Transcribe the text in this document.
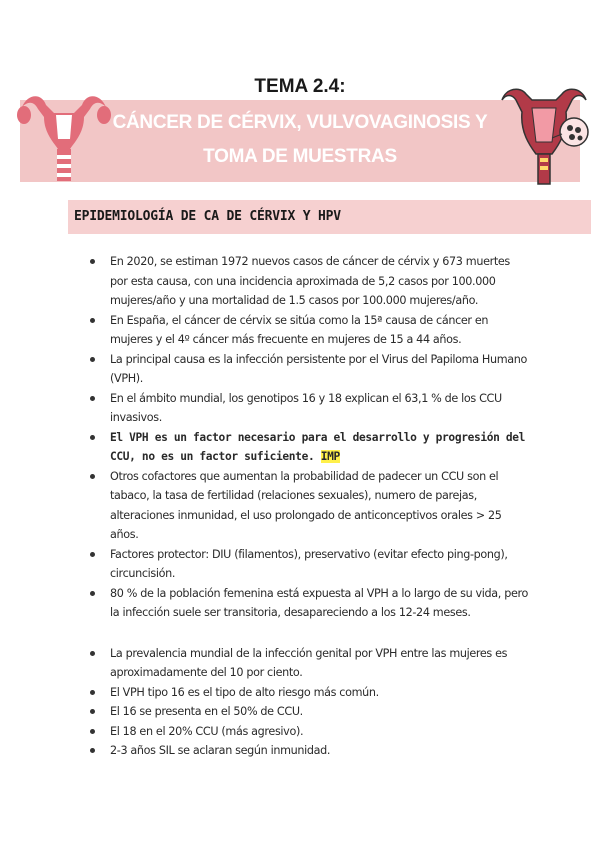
TEMA 2.4:
CÁNCER DE CÉRVIX, VULVOVAGINOSIS Y
TOMA DE MUESTRAS
EPIDEMIOLOGÍA DE CA DE CÉRVIX Y HPV
En 2020, se estiman 1972 nuevos casos de cáncer de cérvix y 673 muertes por esta causa, con una incidencia aproximada de 5,2 casos por 100.000 mujeres/año y una mortalidad de 1.5 casos por 100.000 mujeres/año.
En España, el cáncer de cérvix se sitúa como la 15ª causa de cáncer en mujeres y el 4º cáncer más frecuente en mujeres de 15 a 44 años.
La principal causa es la infección persistente por el Virus del Papiloma Humano (VPH).
En el ámbito mundial, los genotipos 16 y 18 explican el 63,1 % de los CCU invasivos.
El VPH es un factor necesario para el desarrollo y progresión del CCU, no es un factor suficiente. IMP
Otros cofactores que aumentan la probabilidad de padecer un CCU son el tabaco, la tasa de fertilidad (relaciones sexuales), numero de parejas, alteraciones inmunidad, el uso prolongado de anticonceptivos orales > 25 años.
Factores protector: DIU (filamentos), preservativo (evitar efecto ping-pong), circuncisión.
80 % de la población femenina está expuesta al VPH a lo largo de su vida, pero la infección suele ser transitoria, desapareciendo a los 12-24 meses.
La prevalencia mundial de la infección genital por VPH entre las mujeres es aproximadamente del 10 por ciento.
El VPH tipo 16 es el tipo de alto riesgo más común.
El 16 se presenta en el 50% de CCU.
El 18 en el 20% CCU (más agresivo).
2-3 años SIL se aclaran según inmunidad.
